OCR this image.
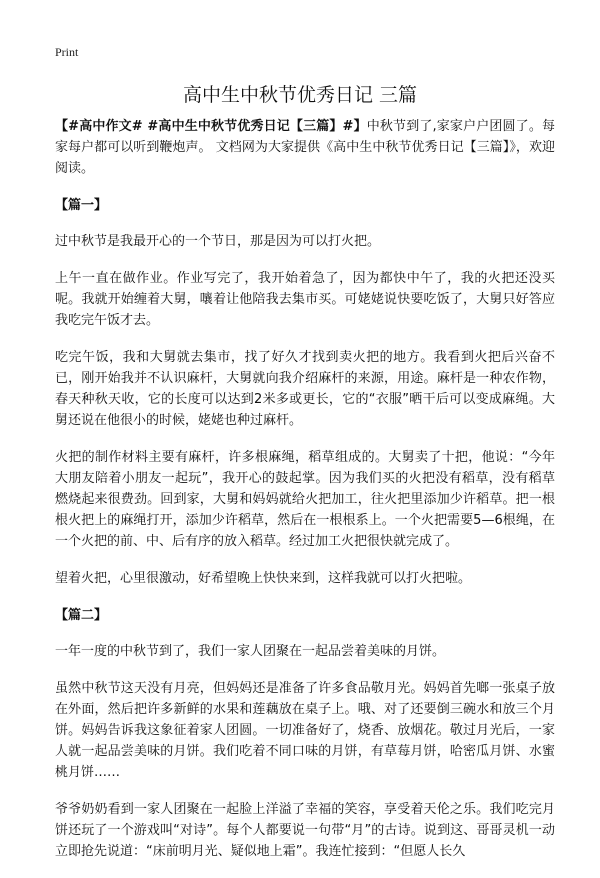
Print
高中生中秋节优秀日记 三篇

【#高中作文# #高中生中秋节优秀日记【三篇】#】中秋节到了,家家户户团圆了。每家每户都可以听到鞭炮声。 文档网为大家提供《高中生中秋节优秀日记【三篇】》，欢迎阅读。

【篇一】

过中秋节是我最开心的一个节日，那是因为可以打火把。

上午一直在做作业。作业写完了，我开始着急了，因为都快中午了，我的火把还没买呢。我就开始缠着大舅，嚷着让他陪我去集市买。可姥姥说快要吃饭了，大舅只好答应我吃完午饭才去。

吃完午饭，我和大舅就去集市，找了好久才找到卖火把的地方。我看到火把后兴奋不已，刚开始我并不认识麻杆，大舅就向我介绍麻杆的来源，用途。麻杆是一种农作物，春天种秋天收，它的长度可以达到2米多或更长，它的“衣服”晒干后可以变成麻绳。大舅还说在他很小的时候，姥姥也种过麻杆。

火把的制作材料主要有麻杆，许多根麻绳，稻草组成的。大舅卖了十把，他说：“今年大朋友陪着小朋友一起玩”，我开心的鼓起掌。因为我们买的火把没有稻草，没有稻草燃烧起来很费劲。回到家，大舅和妈妈就给火把加工，往火把里添加少许稻草。把一根根火把上的麻绳打开，添加少许稻草，然后在一根根系上。一个火把需要5—6根绳，在一个火把的前、中、后有序的放入稻草。经过加工火把很快就完成了。

望着火把，心里很激动，好希望晚上快快来到，这样我就可以打火把啦。

【篇二】

一年一度的中秋节到了，我们一家人团聚在一起品尝着美味的月饼。

虽然中秋节这天没有月亮，但妈妈还是准备了许多食品敬月光。妈妈首先啷一张桌子放在外面，然后把许多新鲜的水果和莲藕放在桌子上。哦、对了还要倒三碗水和放三个月饼。妈妈告诉我这象征着家人团圆。一切准备好了，烧香、放烟花。敬过月光后，一家人就一起品尝美味的月饼。我们吃着不同口味的月饼，有草莓月饼，哈密瓜月饼、水蜜桃月饼……

爷爷奶奶看到一家人团聚在一起脸上洋溢了幸福的笑容，享受着天伦之乐。我们吃完月饼还玩了一个游戏叫“对诗”。每个人都要说一句带“月”的古诗。说到这、哥哥灵机一动立即抢先说道：“床前明月光、疑似地上霜”。我连忙接到：“但愿人长久
